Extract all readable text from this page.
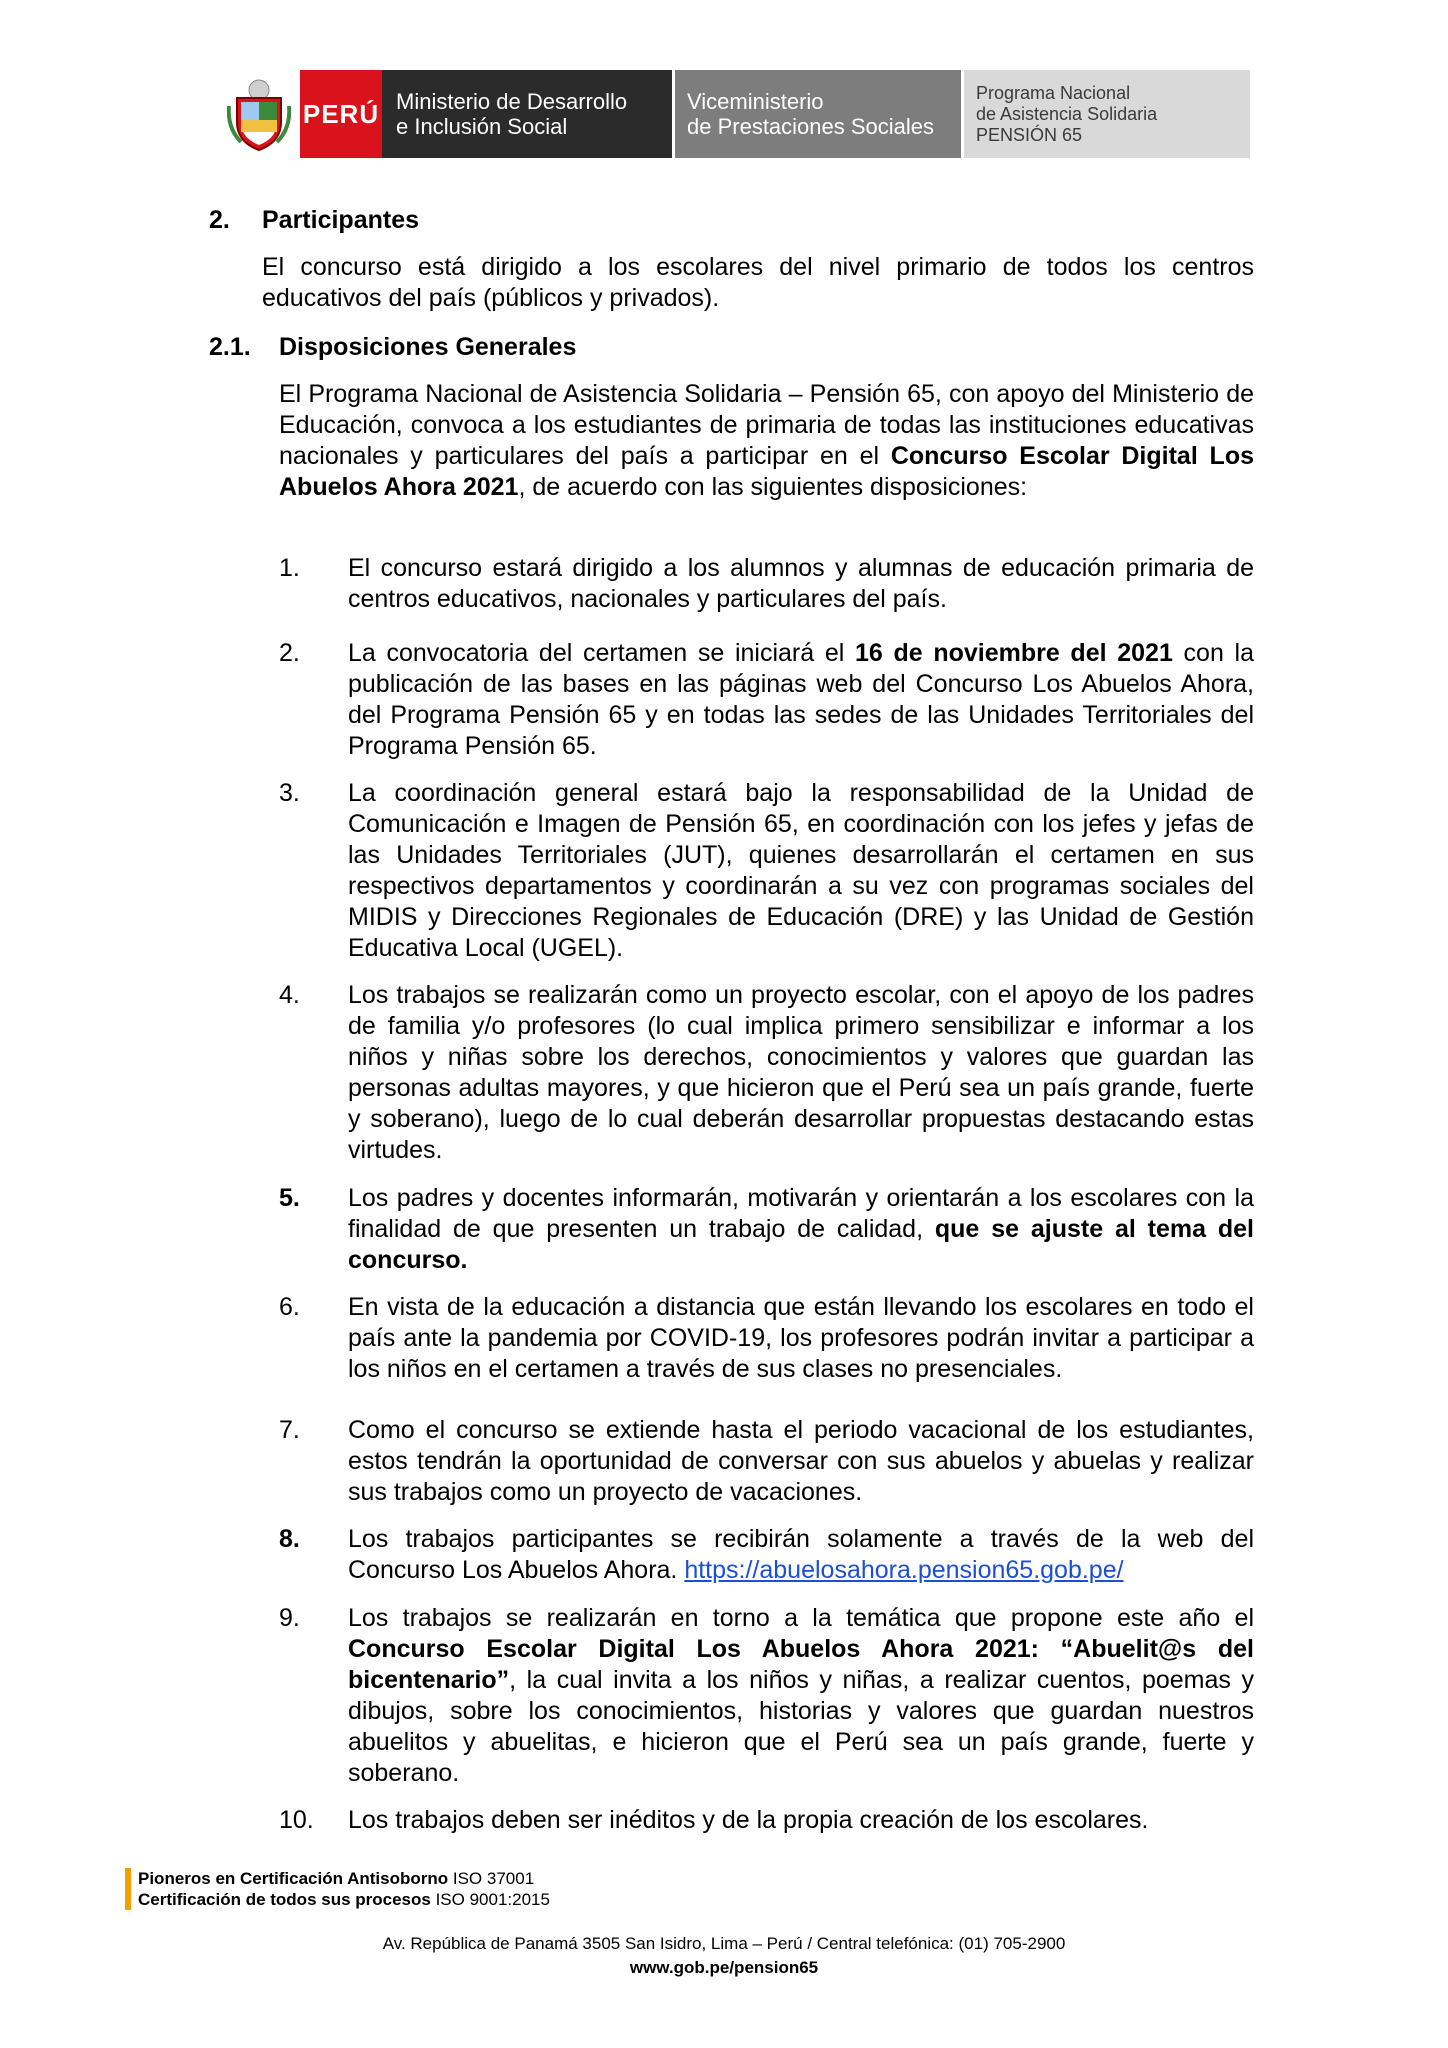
PERÚ Ministerio de Desarrollo
e Inclusión Social
Viceministerio
de Prestaciones Sociales
Programa Nacional
de Asistencia Solidaria
PENSIÓN 65
2. Participantes
El concurso está dirigido a los escolares del nivel primario de todos los centros educativos del país (públicos y privados).
2.1. Disposiciones Generales
El Programa Nacional de Asistencia Solidaria – Pensión 65, con apoyo del Ministerio de Educación, convoca a los estudiantes de primaria de todas las instituciones educativas nacionales y particulares del país a participar en el Concurso Escolar Digital Los Abuelos Ahora 2021, de acuerdo con las siguientes disposiciones:
1. El concurso estará dirigido a los alumnos y alumnas de educación primaria de centros educativos, nacionales y particulares del país.
2. La convocatoria del certamen se iniciará el 16 de noviembre del 2021 con la publicación de las bases en las páginas web del Concurso Los Abuelos Ahora, del Programa Pensión 65 y en todas las sedes de las Unidades Territoriales del Programa Pensión 65.
3. La coordinación general estará bajo la responsabilidad de la Unidad de Comunicación e Imagen de Pensión 65, en coordinación con los jefes y jefas de las Unidades Territoriales (JUT), quienes desarrollarán el certamen en sus respectivos departamentos y coordinarán a su vez con programas sociales del MIDIS y Direcciones Regionales de Educación (DRE) y las Unidad de Gestión Educativa Local (UGEL).
4. Los trabajos se realizarán como un proyecto escolar, con el apoyo de los padres de familia y/o profesores (lo cual implica primero sensibilizar e informar a los niños y niñas sobre los derechos, conocimientos y valores que guardan las personas adultas mayores, y que hicieron que el Perú sea un país grande, fuerte y soberano), luego de lo cual deberán desarrollar propuestas destacando estas virtudes.
5. Los padres y docentes informarán, motivarán y orientarán a los escolares con la finalidad de que presenten un trabajo de calidad, que se ajuste al tema del concurso.
6. En vista de la educación a distancia que están llevando los escolares en todo el país ante la pandemia por COVID-19, los profesores podrán invitar a participar a los niños en el certamen a través de sus clases no presenciales.
7. Como el concurso se extiende hasta el periodo vacacional de los estudiantes, estos tendrán la oportunidad de conversar con sus abuelos y abuelas y realizar sus trabajos como un proyecto de vacaciones.
8. Los trabajos participantes se recibirán solamente a través de la web del Concurso Los Abuelos Ahora. https://abuelosahora.pension65.gob.pe/
9. Los trabajos se realizarán en torno a la temática que propone este año el Concurso Escolar Digital Los Abuelos Ahora 2021: “Abuelit@s del bicentenario”, la cual invita a los niños y niñas, a realizar cuentos, poemas y dibujos, sobre los conocimientos, historias y valores que guardan nuestros abuelitos y abuelitas, e hicieron que el Perú sea un país grande, fuerte y soberano.
10. Los trabajos deben ser inéditos y de la propia creación de los escolares.
Pioneros en Certificación Antisoborno ISO 37001
Certificación de todos sus procesos ISO 9001:2015
Av. República de Panamá 3505 San Isidro, Lima – Perú / Central telefónica: (01) 705-2900
www.gob.pe/pension65
